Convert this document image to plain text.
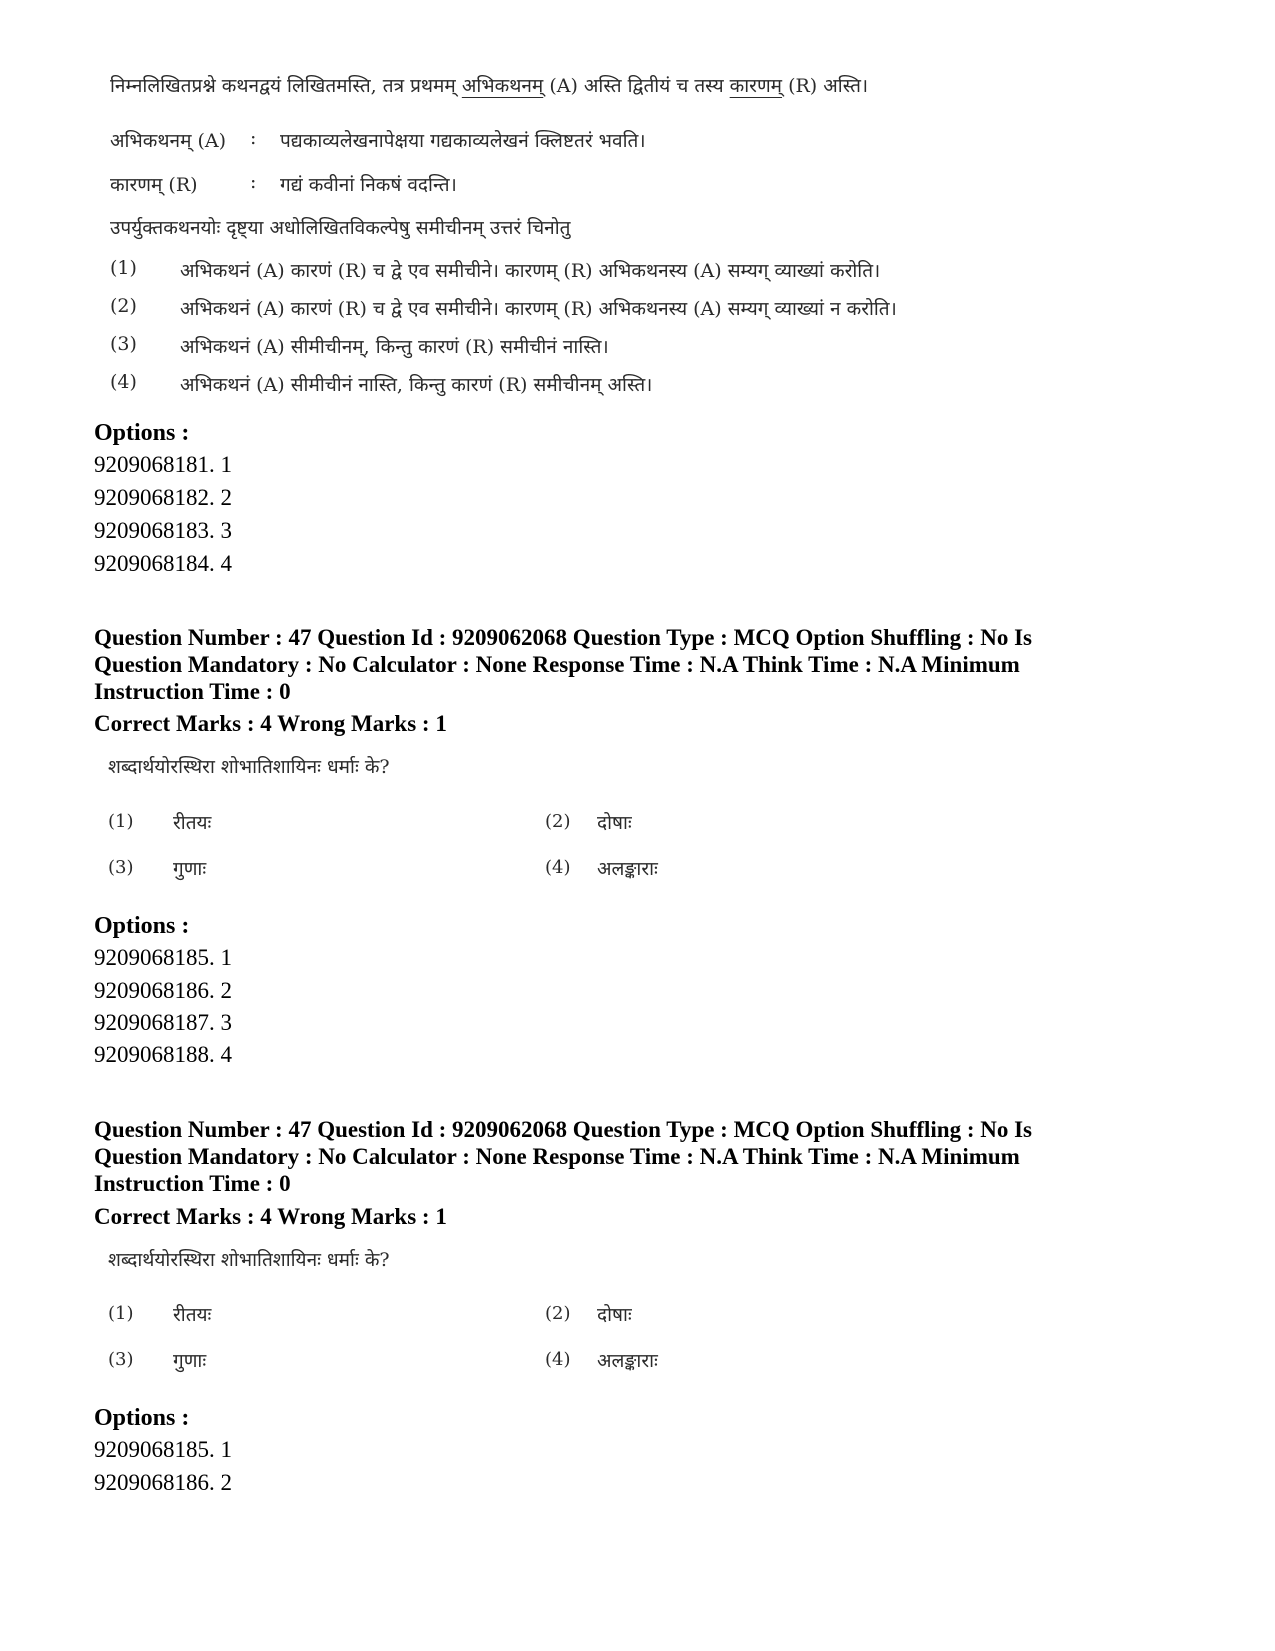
निम्नलिखितप्रश्ने कथनद्वयं लिखितमस्ति, तत्र प्रथमम् अभिकथनम् (A) अस्ति द्वितीयं च तस्य कारणम् (R) अस्ति।
अभिकथनम् (A) : पद्यकाव्यलेखनापेक्षया गद्यकाव्यलेखनं क्लिष्टतरं भवति।
कारणम् (R)	: गद्यं कवीनां निकषं वदन्ति।
उपर्युक्तकथनयोः दृष्ट्या अधोलिखितविकल्पेषु समीचीनम् उत्तरं चिनोतु
(1) अभिकथनं (A) कारणं (R) च द्वे एव समीचीने। कारणम् (R) अभिकथनस्य (A) सम्यग् व्याख्यां करोति।
(2) अभिकथनं (A) कारणं (R) च द्वे एव समीचीने। कारणम् (R) अभिकथनस्य (A) सम्यग् व्याख्यां न करोति।
(3) अभिकथनं (A) सीमीचीनम्, किन्तु कारणं (R) समीचीनं नास्ति।
(4) अभिकथनं (A) सीमीचीनं नास्ति, किन्तु कारणं (R) समीचीनम् अस्ति।
Options :
9209068181. 1
9209068182. 2
9209068183. 3
9209068184. 4
Question Number : 47 Question Id : 9209062068 Question Type : MCQ Option Shuffling : No Is
Question Mandatory : No Calculator : None Response Time : N.A Think Time : N.A Minimum
Instruction Time : 0
Correct Marks : 4 Wrong Marks : 1
शब्दार्थयोरस्थिरा शोभातिशायिनः धर्माः के?
(1) रीतयः	(2) दोषाः
(3) गुणाः	(4) अलङ्काराः
Options :
9209068185. 1
9209068186. 2
9209068187. 3
9209068188. 4
Question Number : 47 Question Id : 9209062068 Question Type : MCQ Option Shuffling : No Is
Question Mandatory : No Calculator : None Response Time : N.A Think Time : N.A Minimum
Instruction Time : 0
Correct Marks : 4 Wrong Marks : 1
शब्दार्थयोरस्थिरा शोभातिशायिनः धर्माः के?
(1) रीतयः	(2) दोषाः
(3) गुणाः	(4) अलङ्काराः
Options :
9209068185. 1
9209068186. 2
